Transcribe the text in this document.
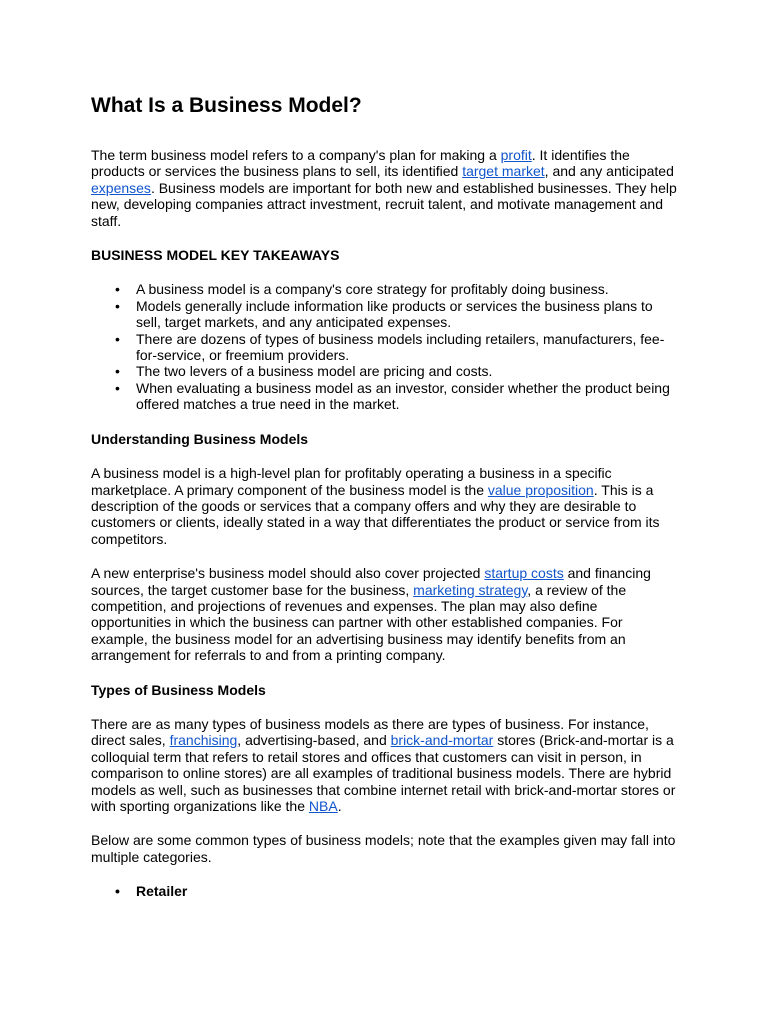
What Is a Business Model?

The term business model refers to a company's plan for making a profit. It identifies the products or services the business plans to sell, its identified target market, and any anticipated expenses. Business models are important for both new and established businesses. They help new, developing companies attract investment, recruit talent, and motivate management and staff.

BUSINESS MODEL KEY TAKEAWAYS
• A business model is a company's core strategy for profitably doing business.
• Models generally include information like products or services the business plans to sell, target markets, and any anticipated expenses.
• There are dozens of types of business models including retailers, manufacturers, fee-for-service, or freemium providers.
• The two levers of a business model are pricing and costs.
• When evaluating a business model as an investor, consider whether the product being offered matches a true need in the market.
Understanding Business Models

A business model is a high-level plan for profitably operating a business in a specific marketplace. A primary component of the business model is the value proposition. This is a description of the goods or services that a company offers and why they are desirable to customers or clients, ideally stated in a way that differentiates the product or service from its competitors.

A new enterprise's business model should also cover projected startup costs and financing sources, the target customer base for the business, marketing strategy, a review of the competition, and projections of revenues and expenses. The plan may also define opportunities in which the business can partner with other established companies. For example, the business model for an advertising business may identify benefits from an arrangement for referrals to and from a printing company.

Types of Business Models

There are as many types of business models as there are types of business. For instance, direct sales, franchising, advertising-based, and brick-and-mortar stores (Brick-and-mortar is a colloquial term that refers to retail stores and offices that customers can visit in person, in comparison to online stores) are all examples of traditional business models. There are hybrid models as well, such as businesses that combine internet retail with brick-and-mortar stores or with sporting organizations like the NBA.

Below are some common types of business models; note that the examples given may fall into multiple categories.

• Retailer
